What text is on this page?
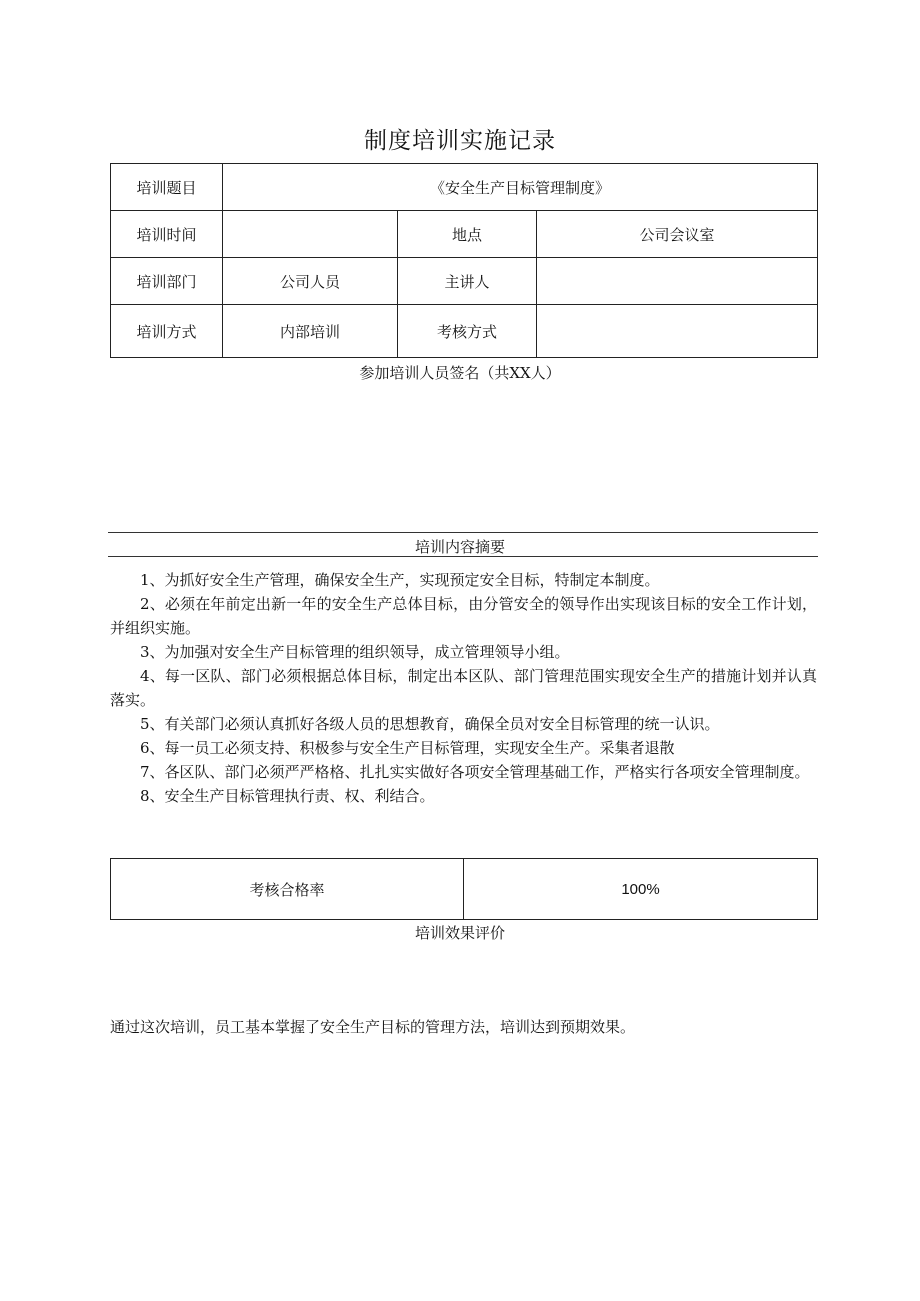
制度培训实施记录
培训题目	《安全生产目标管理制度》		
培训时间		地点	公司会议室
培训部门	公司人员	主讲人	
培训方式	内部培训	考核方式	
参加培训人员签名（共XX人）
培训内容摘要

1、为抓好安全生产管理，确保安全生产，实现预定安全目标，特制定本制度。

2、必须在年前定出新一年的安全生产总体目标，由分管安全的领导作出实现该目标的安全工作计划，并组织实施。

3、为加强对安全生产目标管理的组织领导，成立管理领导小组。

4、每一区队、部门必须根据总体目标，制定出本区队、部门管理范围实现安全生产的措施计划并认真落实。

5、有关部门必须认真抓好各级人员的思想教育，确保全员对安全目标管理的统一认识。

6、每一员工必须支持、积极参与安全生产目标管理，实现安全生产。采集者退散

7、各区队、部门必须严严格格、扎扎实实做好各项安全管理基础工作，严格实行各项安全管理制度。

8、安全生产目标管理执行责、权、利结合。

考核合格率	100%
培训效果评价
通过这次培训，员工基本掌握了安全生产目标的管理方法，培训达到预期效果。
